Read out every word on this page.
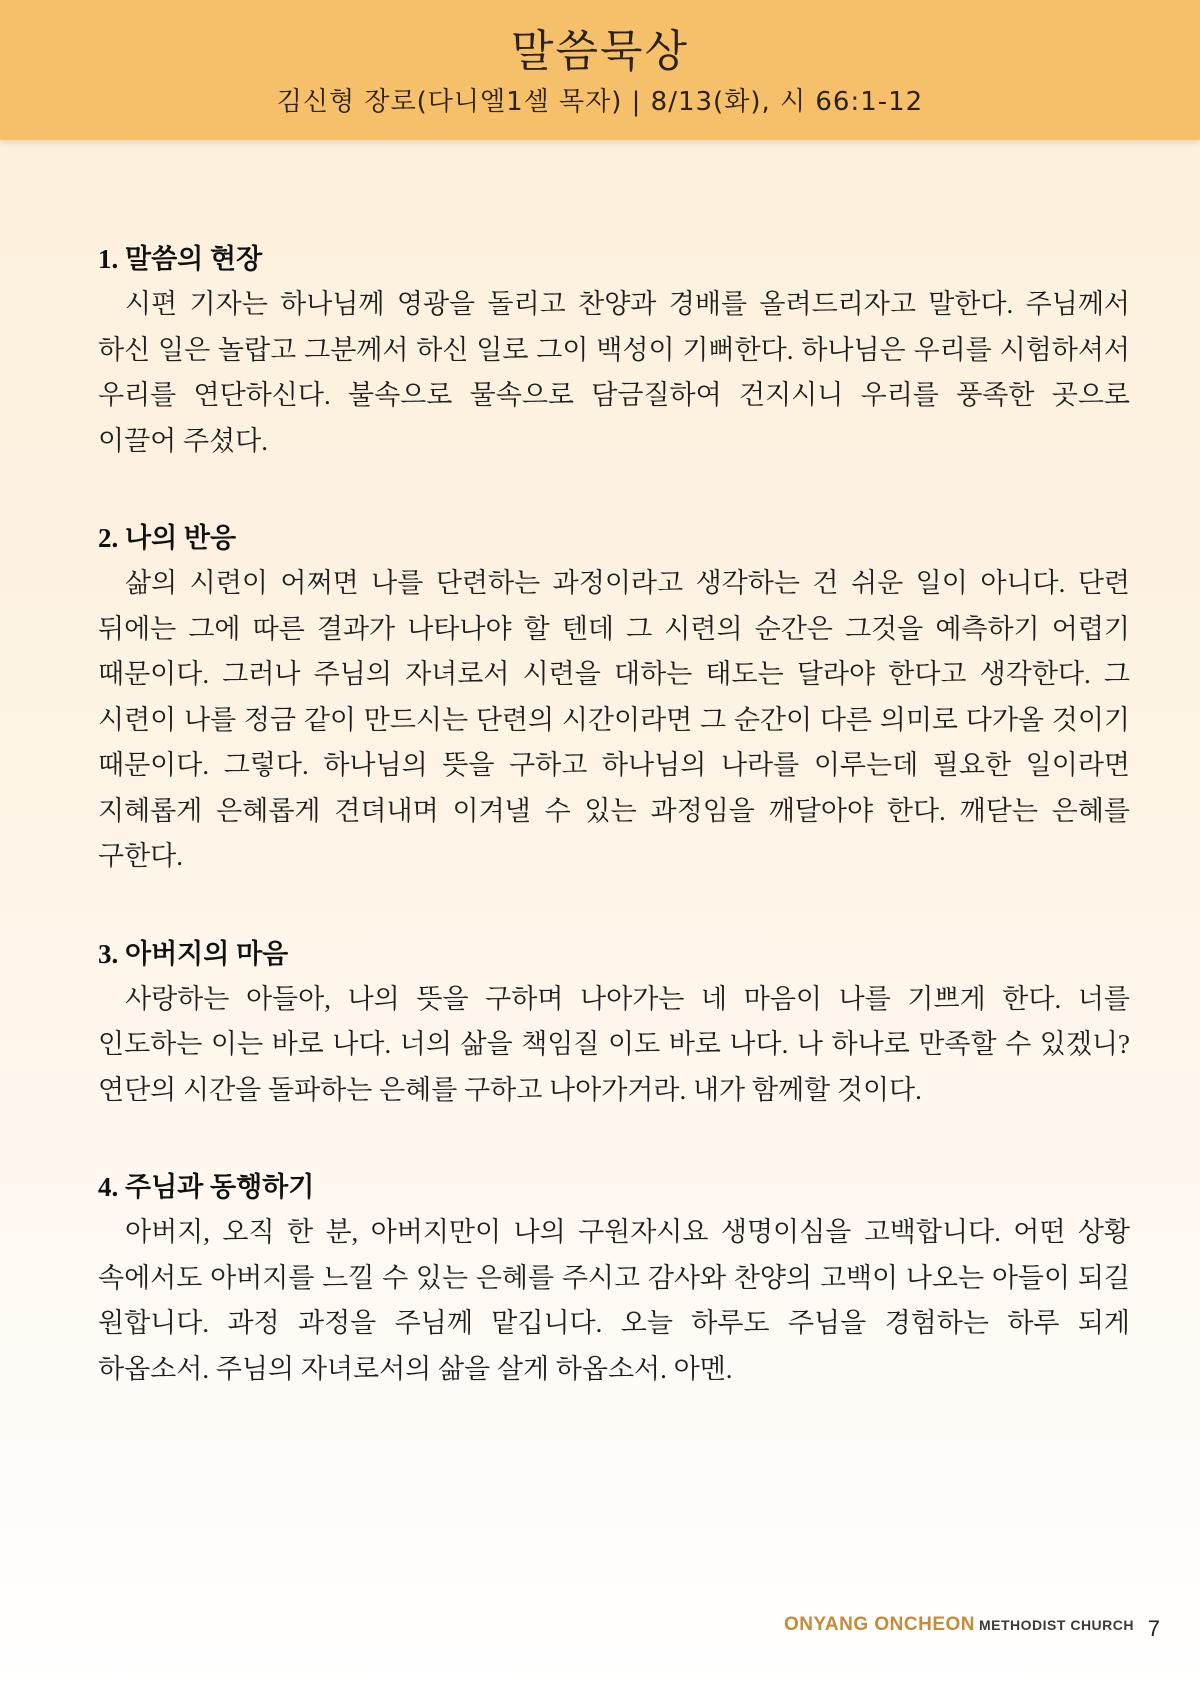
말씀묵상
김신형 장로(다니엘1셀 목자) | 8/13(화), 시 66:1-12

1. 말씀의 현장

시편 기자는 하나님께 영광을 돌리고 찬양과 경배를 올려드리자고 말한다. 주님께서 하신 일은 놀랍고 그분께서 하신 일로 그이 백성이 기뻐한다. 하나님은 우리를 시험하셔서 우리를 연단하신다. 불속으로 물속으로 담금질하여 건지시니 우리를 풍족한 곳으로 이끌어 주셨다.

2. 나의 반응

삶의 시련이 어쩌면 나를 단련하는 과정이라고 생각하는 건 쉬운 일이 아니다. 단련 뒤에는 그에 따른 결과가 나타나야 할 텐데 그 시련의 순간은 그것을 예측하기 어렵기 때문이다. 그러나 주님의 자녀로서 시련을 대하는 태도는 달라야 한다고 생각한다. 그 시련이 나를 정금 같이 만드시는 단련의 시간이라면 그 순간이 다른 의미로 다가올 것이기 때문이다. 그렇다. 하나님의 뜻을 구하고 하나님의 나라를 이루는데 필요한 일이라면 지혜롭게 은혜롭게 견뎌내며 이겨낼 수 있는 과정임을 깨달아야 한다. 깨닫는 은혜를 구한다.

3. 아버지의 마음

사랑하는 아들아, 나의 뜻을 구하며 나아가는 네 마음이 나를 기쁘게 한다. 너를 인도하는 이는 바로 나다. 너의 삶을 책임질 이도 바로 나다. 나 하나로 만족할 수 있겠니? 연단의 시간을 돌파하는 은혜를 구하고 나아가거라. 내가 함께할 것이다.

4. 주님과 동행하기

아버지, 오직 한 분, 아버지만이 나의 구원자시요 생명이심을 고백합니다. 어떤 상황 속에서도 아버지를 느낄 수 있는 은혜를 주시고 감사와 찬양의 고백이 나오는 아들이 되길 원합니다. 과정 과정을 주님께 맡깁니다. 오늘 하루도 주님을 경험하는 하루 되게 하옵소서. 주님의 자녀로서의 삶을 살게 하옵소서. 아멘.

ONYANG ONCHEON METHODIST CHURCH 7
